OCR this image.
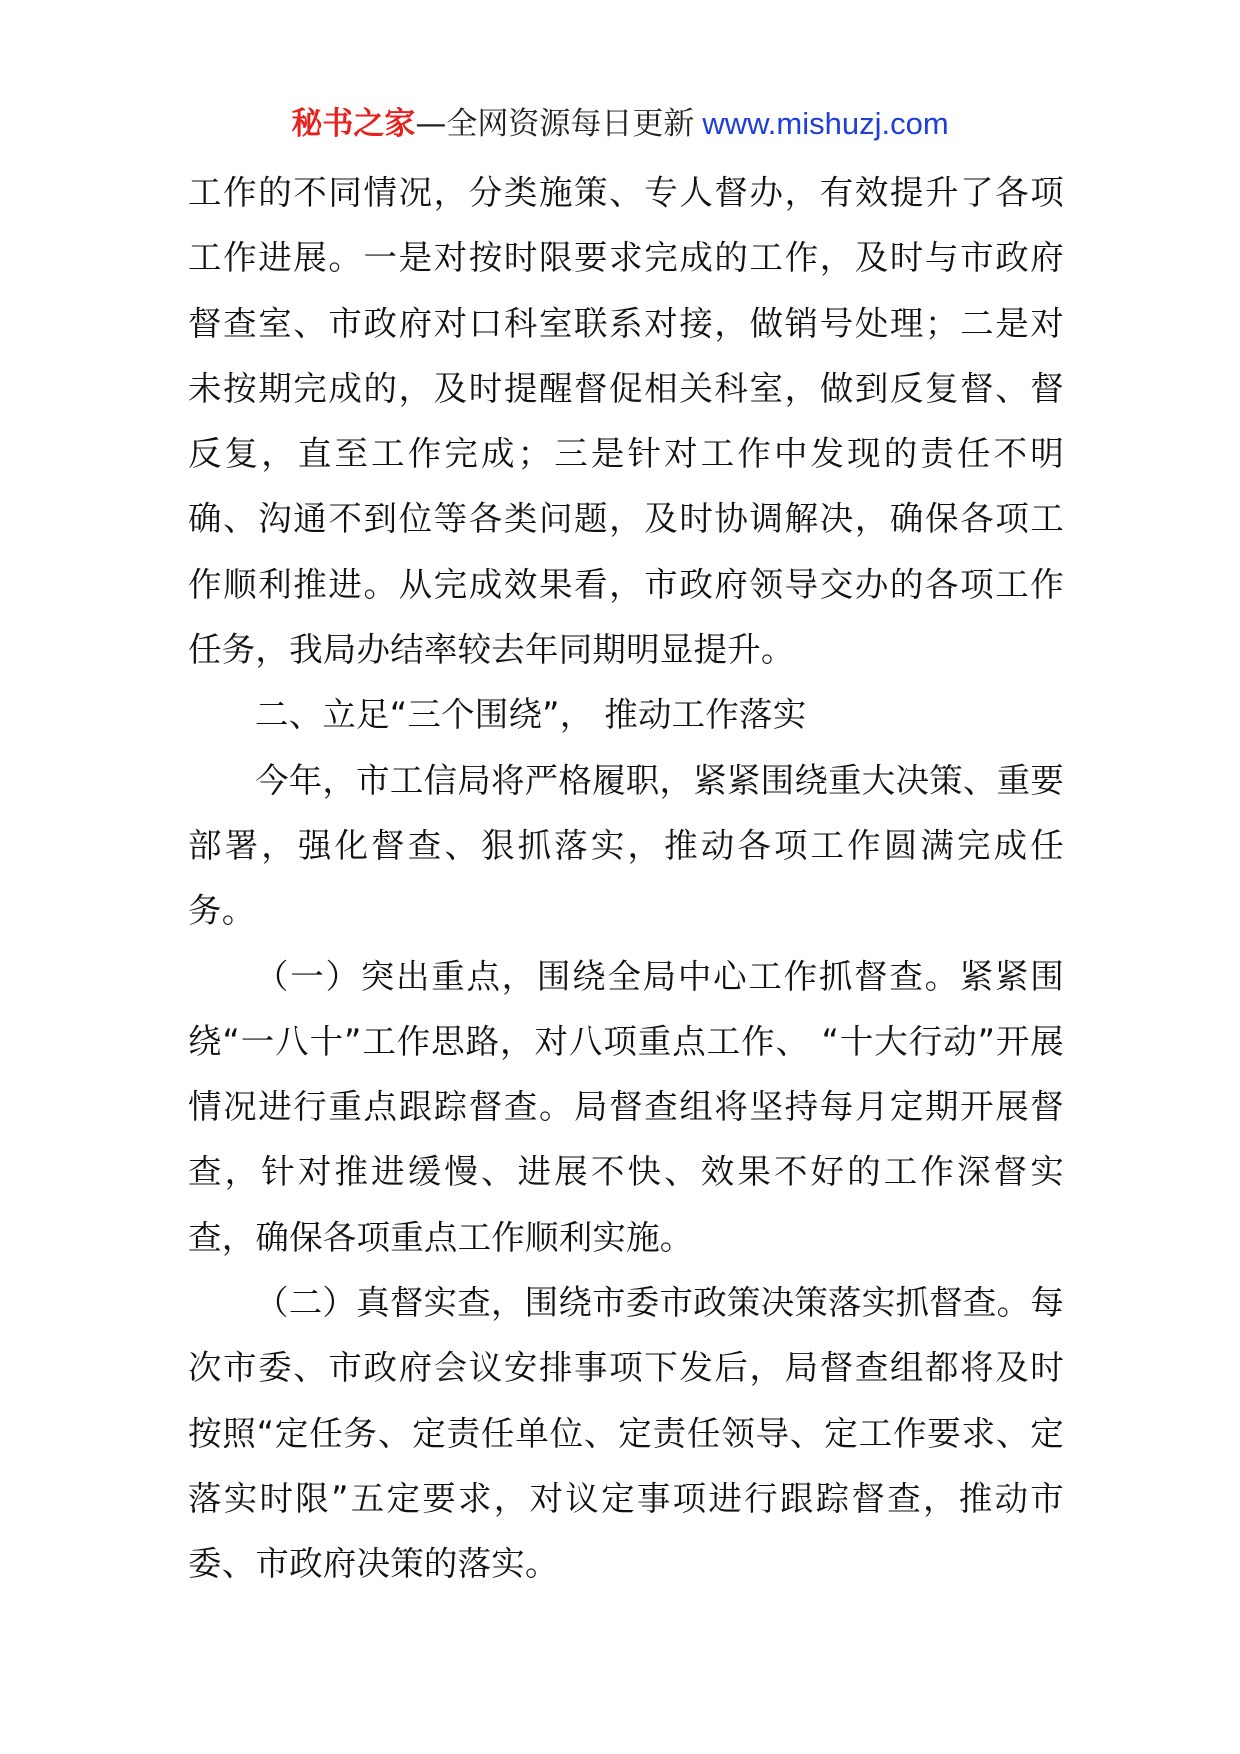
秘书之家—全网资源每日更新 www.mishuzj.com

工作的不同情况，分类施策、专人督办，有效提升了各项工作进展。一是对按时限要求完成的工作，及时与市政府督查室、市政府对口科室联系对接，做销号处理；二是对未按期完成的，及时提醒督促相关科室，做到反复督、督反复，直至工作完成；三是针对工作中发现的责任不明确、沟通不到位等各类问题，及时协调解决，确保各项工作顺利推进。从完成效果看，市政府领导交办的各项工作任务，我局办结率较去年同期明显提升。

二、立足“三个围绕”， 推动工作落实

今年，市工信局将严格履职，紧紧围绕重大决策、重要部署，强化督查、狠抓落实，推动各项工作圆满完成任务。

（一）突出重点，围绕全局中心工作抓督查。紧紧围绕“一八十”工作思路，对八项重点工作、 “十大行动”开展情况进行重点跟踪督查。局督查组将坚持每月定期开展督查，针对推进缓慢、进展不快、效果不好的工作深督实查，确保各项重点工作顺利实施。

（二）真督实查，围绕市委市政策决策落实抓督查。每次市委、市政府会议安排事项下发后，局督查组都将及时按照“定任务、定责任单位、定责任领导、定工作要求、定落实时限”五定要求，对议定事项进行跟踪督查，推动市委、市政府决策的落实。
